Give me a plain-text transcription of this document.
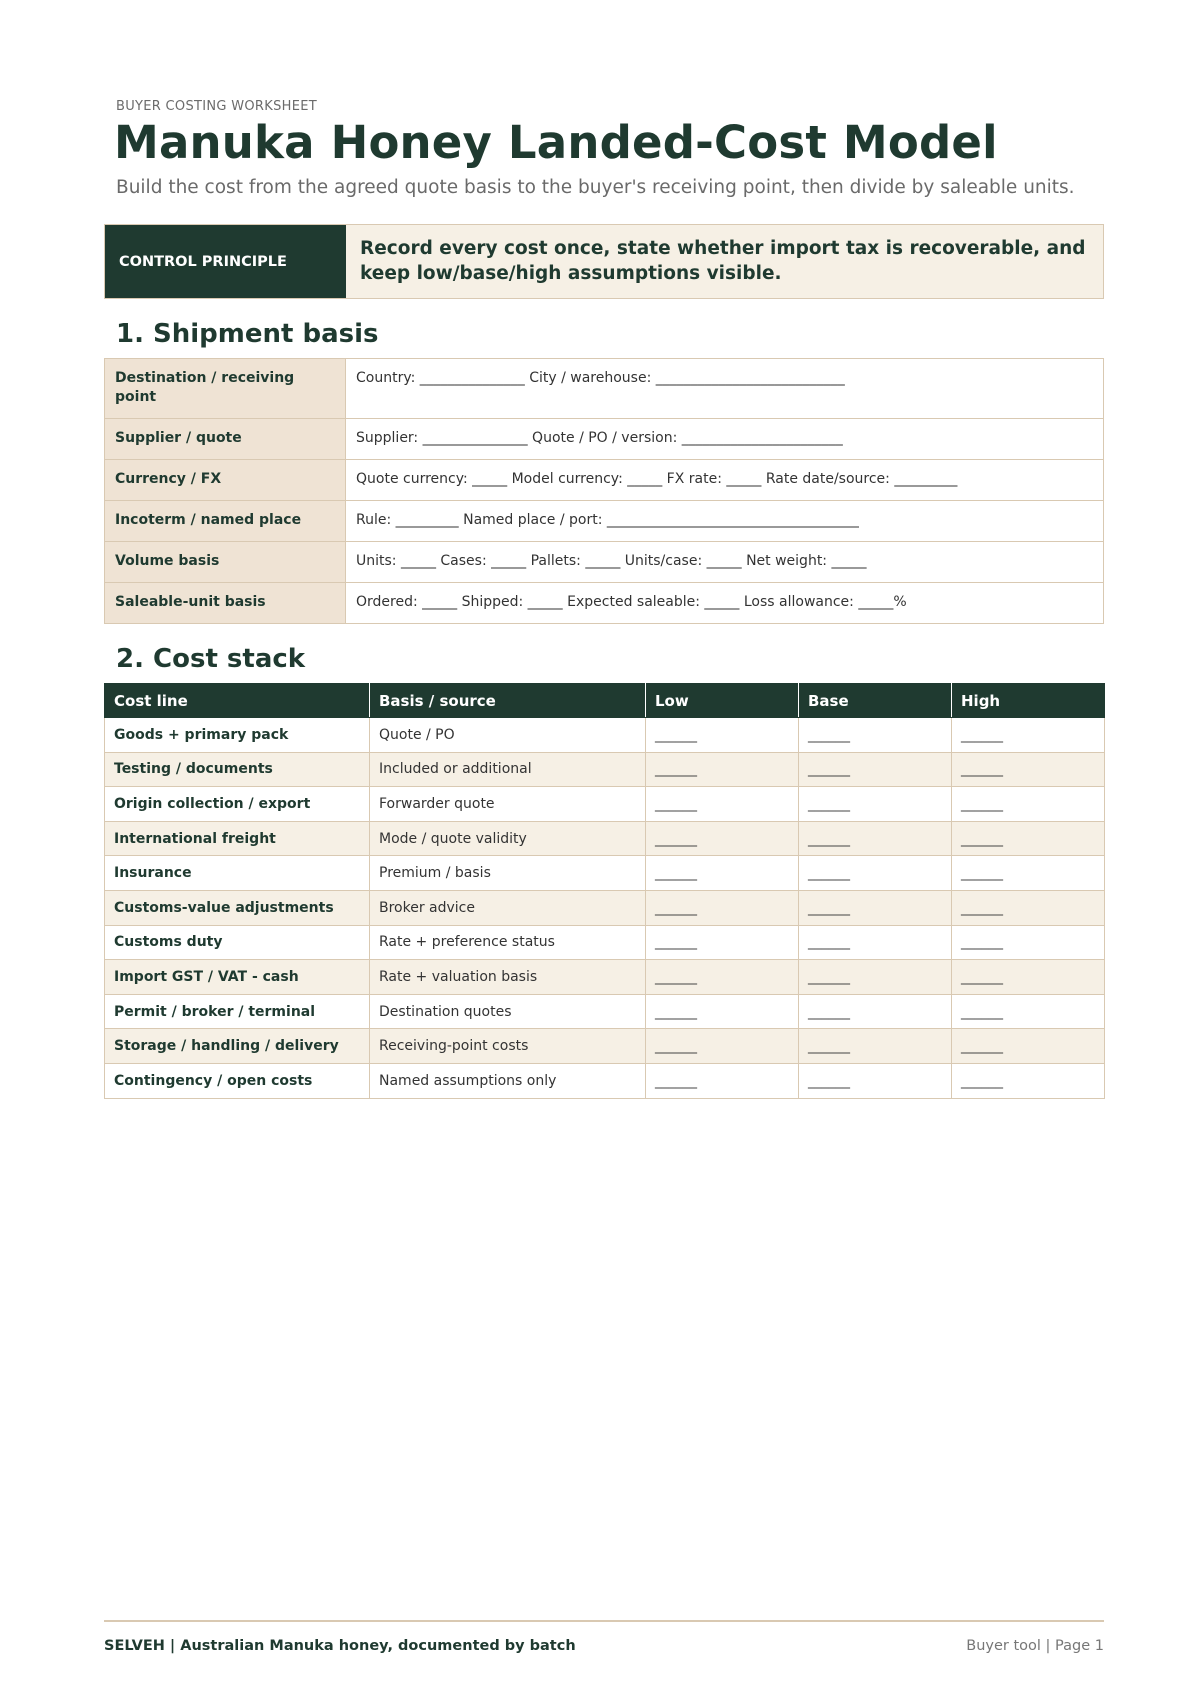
BUYER COSTING WORKSHEET
Manuka Honey Landed-Cost Model
Build the cost from the agreed quote basis to the buyer's receiving point, then divide by saleable units.
CONTROL PRINCIPLE
Record every cost once, state whether import tax is recoverable, and keep low/base/high assumptions visible.
1. Shipment basis
Destination / receiving point	Country: _______________ City / warehouse: ___________________________
Supplier / quote	Supplier: _______________ Quote / PO / version: _______________________
Currency / FX	Quote currency: _____ Model currency: _____ FX rate: _____ Rate date/source: _________
Incoterm / named place	Rule: _________ Named place / port: ____________________________________
Volume basis	Units: _____ Cases: _____ Pallets: _____ Units/case: _____ Net weight: _____
Saleable-unit basis	Ordered: _____ Shipped: _____ Expected saleable: _____ Loss allowance: _____%
2. Cost stack
Cost line	Basis / source	Low	Base	High
Goods + primary pack	Quote / PO	______	______	______
Testing / documents	Included or additional	______	______	______
Origin collection / export	Forwarder quote	______	______	______
International freight	Mode / quote validity	______	______	______
Insurance	Premium / basis	______	______	______
Customs-value adjustments	Broker advice	______	______	______
Customs duty	Rate + preference status	______	______	______
Import GST / VAT - cash	Rate + valuation basis	______	______	______
Permit / broker / terminal	Destination quotes	______	______	______
Storage / handling / delivery	Receiving-point costs	______	______	______
Contingency / open costs	Named assumptions only	______	______	______
SELVEH | Australian Manuka honey, documented by batch	Buyer tool | Page 1
